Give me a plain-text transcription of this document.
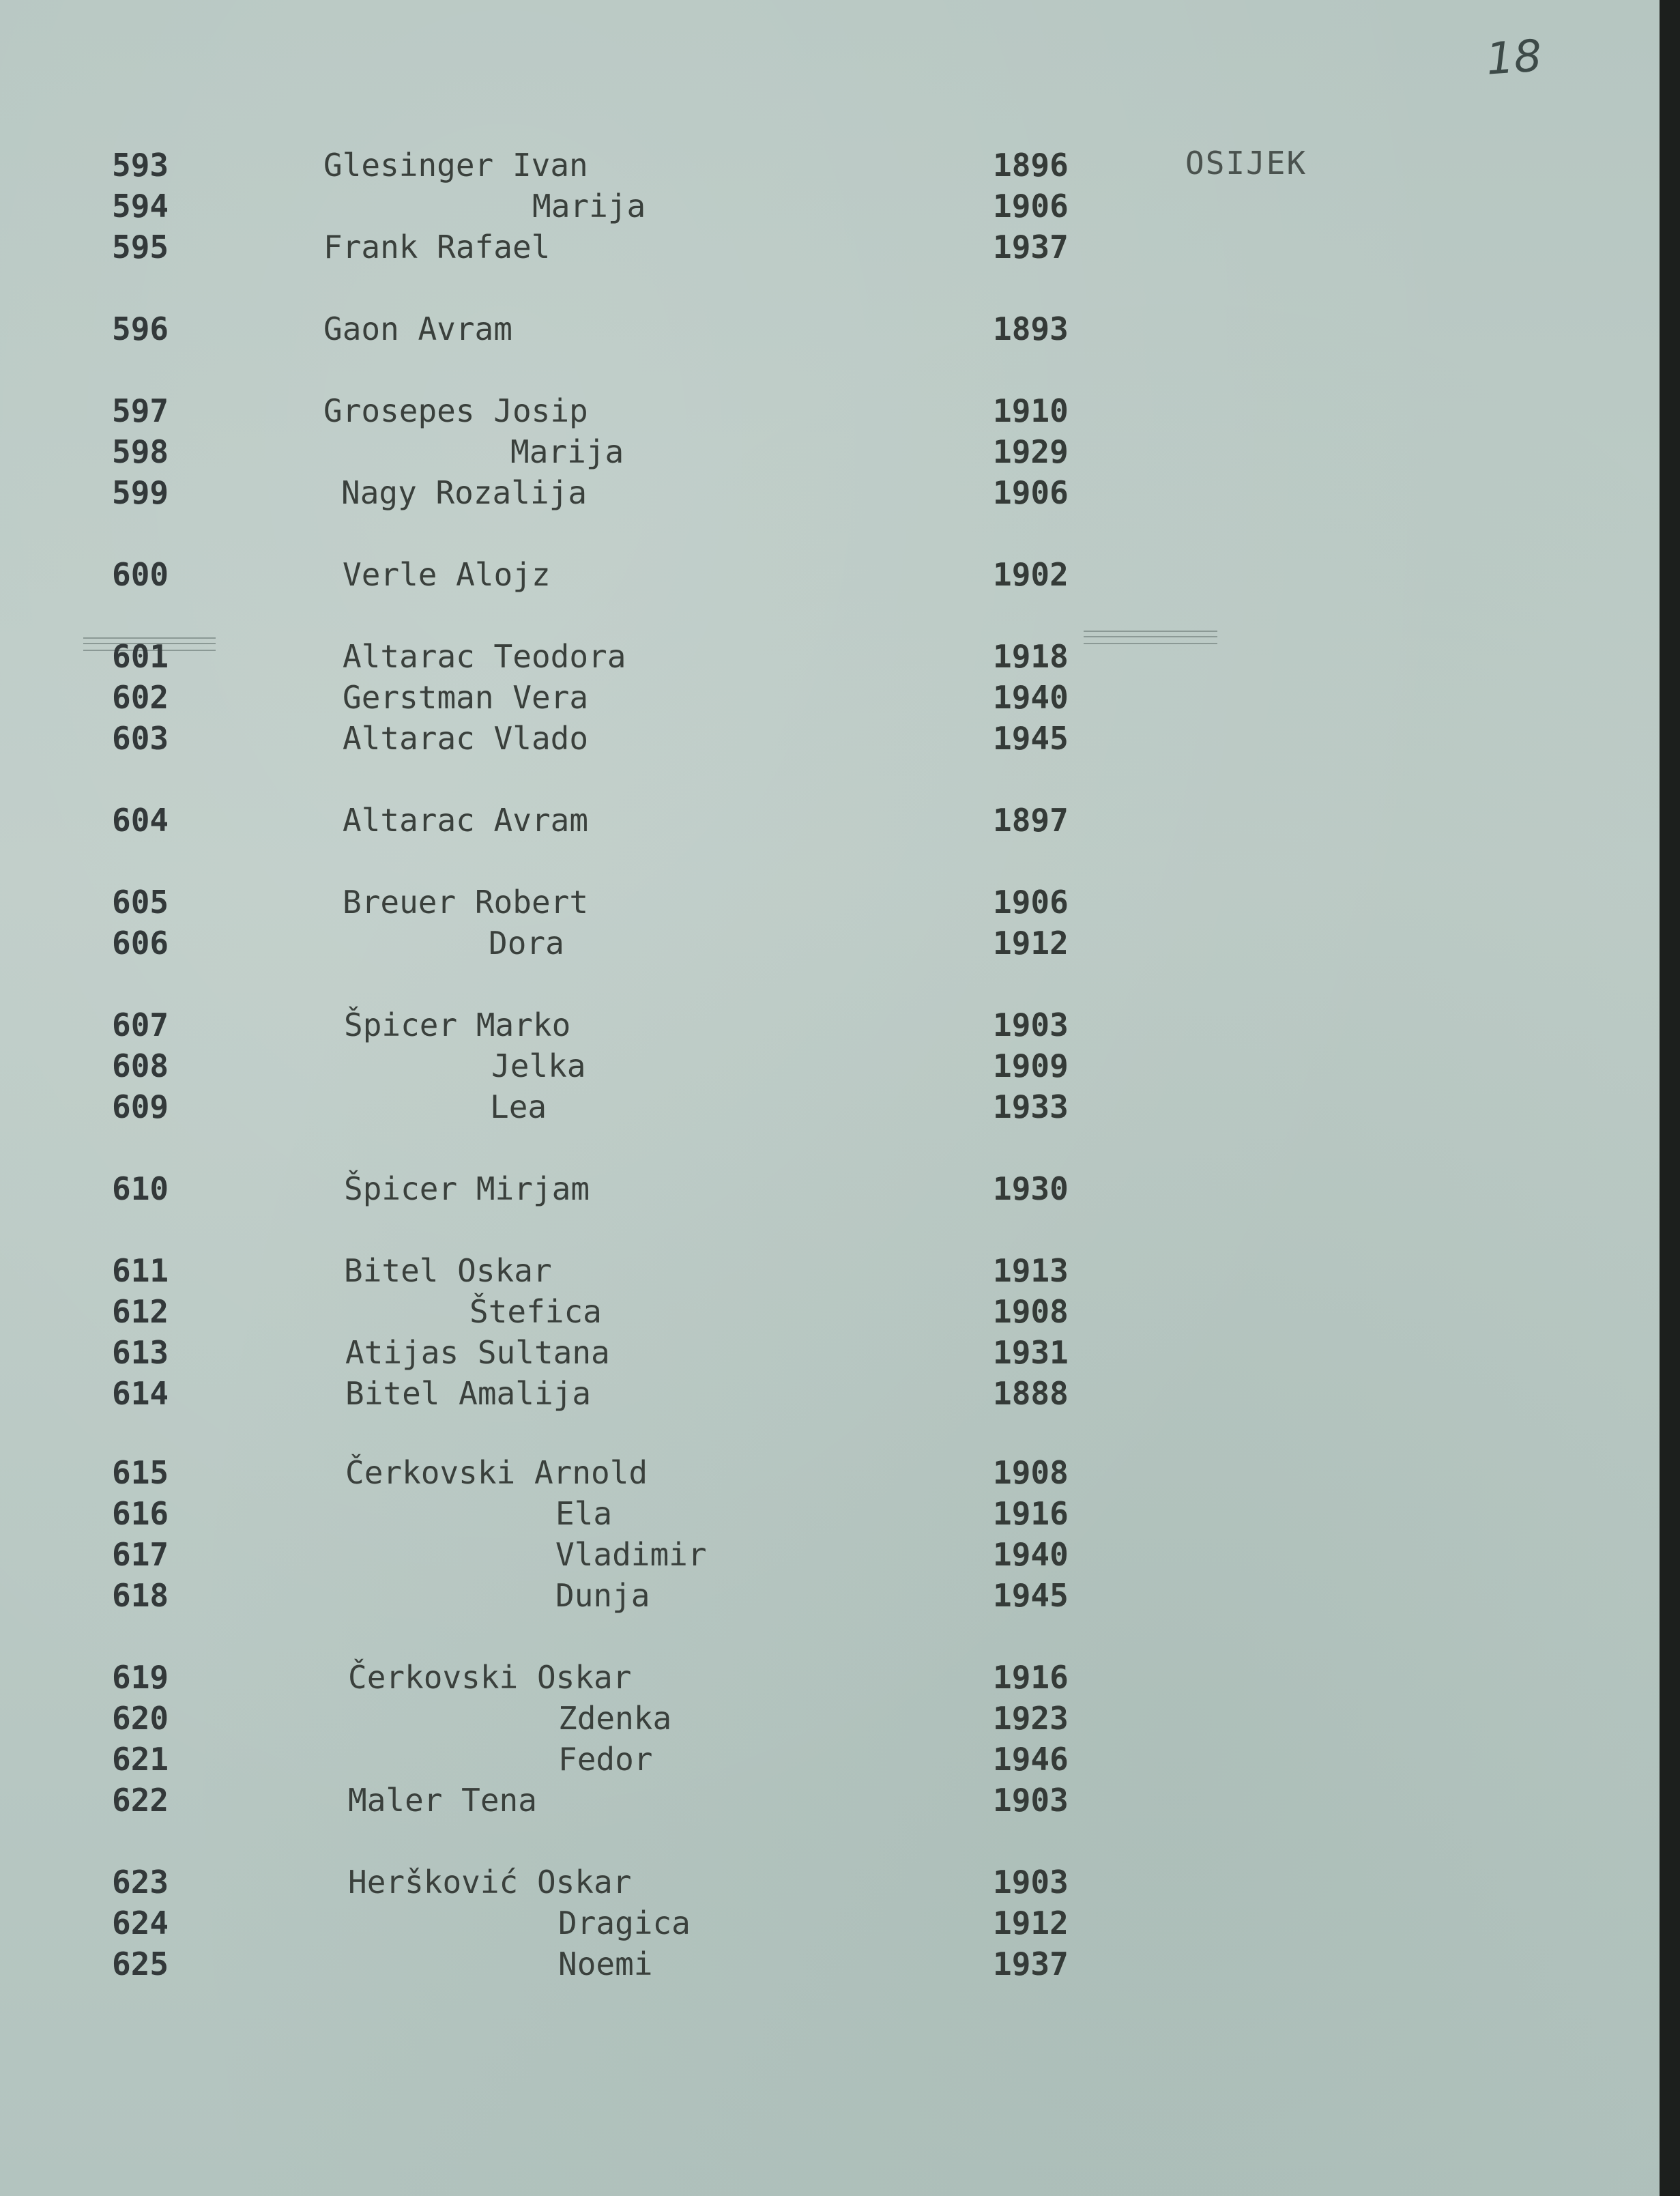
18
OSIJEK
593	Glesinger Ivan	1896
594	Marija	1906
595	Frank Rafael	1937
596	Gaon Avram	1893
597	Grosepes Josip	1910
598	Marija	1929
599	Nagy Rozalija	1906
600	Verle Alojz	1902
601	Altarac Teodora	1918
602	Gerstman Vera	1940
603	Altarac Vlado	1945
604	Altarac Avram	1897
605	Breuer Robert	1906
606	Dora	1912
607	Špicer Marko	1903
608	Jelka	1909
609	Lea	1933
610	Špicer Mirjam	1930
611	Bitel Oskar	1913
612	Štefica	1908
613	Atijas Sultana	1931
614	Bitel Amalija	1888
615	Čerkovski Arnold	1908
616	Ela	1916
617	Vladimir	1940
618	Dunja	1945
619	Čerkovski Oskar	1916
620	Zdenka	1923
621	Fedor	1946
622	Maler Tena	1903
623	Heršković Oskar	1903
624	Dragica	1912
625	Noemi	1937
